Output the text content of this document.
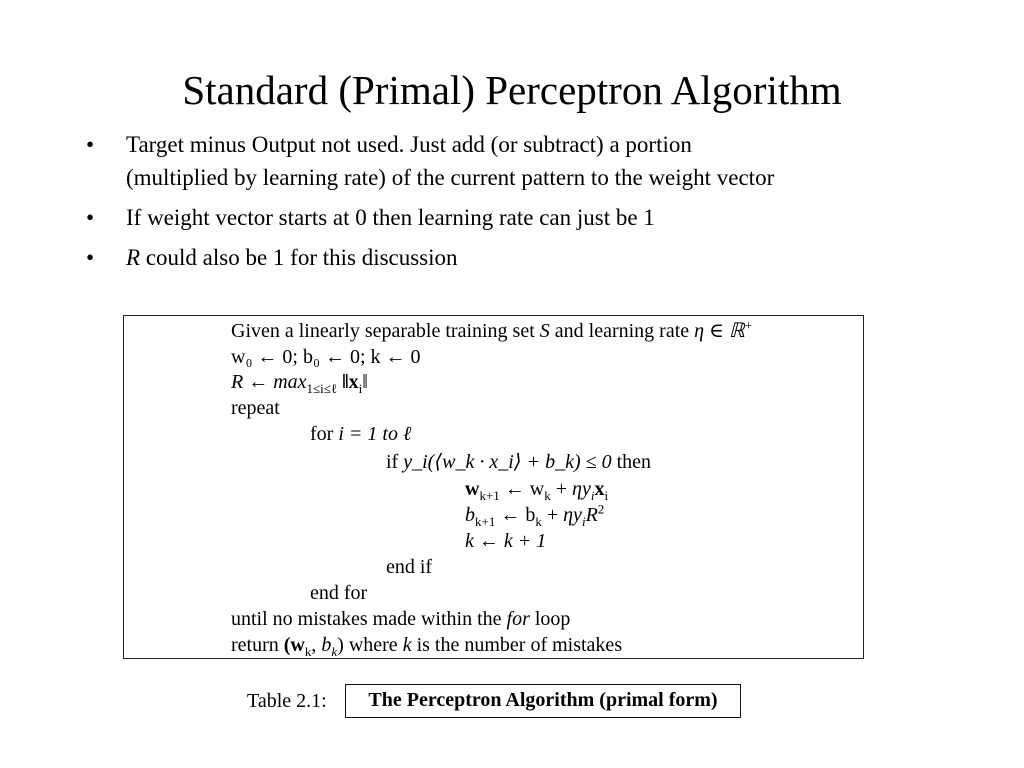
Standard (Primal) Perceptron Algorithm
• Target minus Output not used. Just add (or subtract) a portion
(multiplied by learning rate) of the current pattern to the weight vector
• If weight vector starts at 0 then learning rate can just be 1
• R could also be 1 for this discussion
Given a linearly separable training set S and learning rate η ∈ ℝ+
w₀ ← 0; b₀ ← 0; k ← 0
R ← $\max_{1\le i\le\ell}$ $‖x_i‖$
repeat
for i = 1 to ℓ
if y_i(⟨w_k · x_i⟩ + b_k) ≤ 0 then
$w_{k+1}$ ← $w_k + \eta y_ix_i$
$b_{k+1}$ ← $b_k + \eta y_iR^2$
k ← k + 1
end if
end for
until no mistakes made within the for loop
return ($w_k$, $b_k$) where k is the number of mistakes
Table 2.1:	The Perceptron Algorithm (primal form)
